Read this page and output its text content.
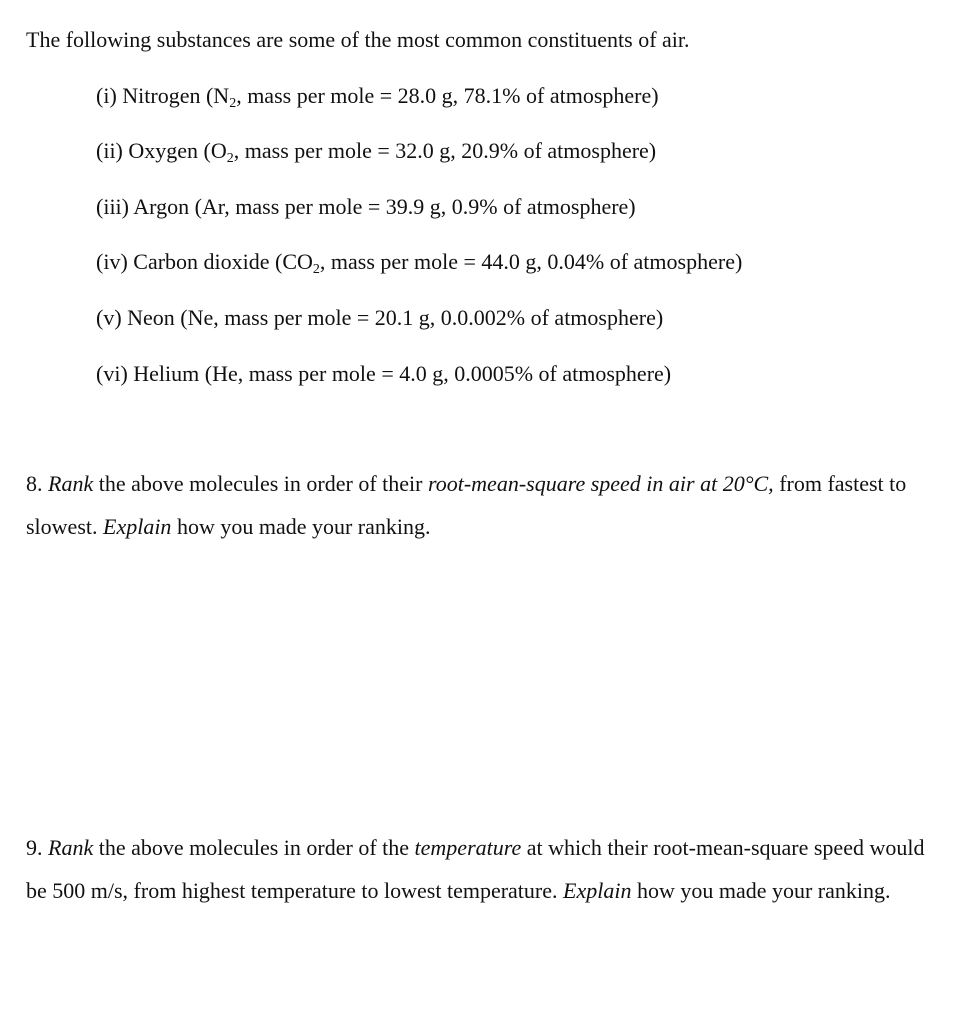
The following substances are some of the most common constituents of air.
(i) Nitrogen ($N_2$, mass per mole = 28.0 g, 78.1% of atmosphere)
(ii) Oxygen ($O_2$, mass per mole = 32.0 g, 20.9% of atmosphere)
(iii) Argon (Ar, mass per mole = 39.9 g, 0.9% of atmosphere)
(iv) Carbon dioxide ($CO_2$, mass per mole = 44.0 g, 0.04% of atmosphere)
(v) Neon (Ne, mass per mole = 20.1 g, 0.0.002% of atmosphere)
(vi) Helium (He, mass per mole = 4.0 g, 0.0005% of atmosphere)
8. Rank the above molecules in order of their root-mean-square speed in air at 20°C, from fastest to slowest. Explain how you made your ranking.
9. Rank the above molecules in order of the temperature at which their root-mean-square speed would be 500 m/s, from highest temperature to lowest temperature. Explain how you made your ranking.
